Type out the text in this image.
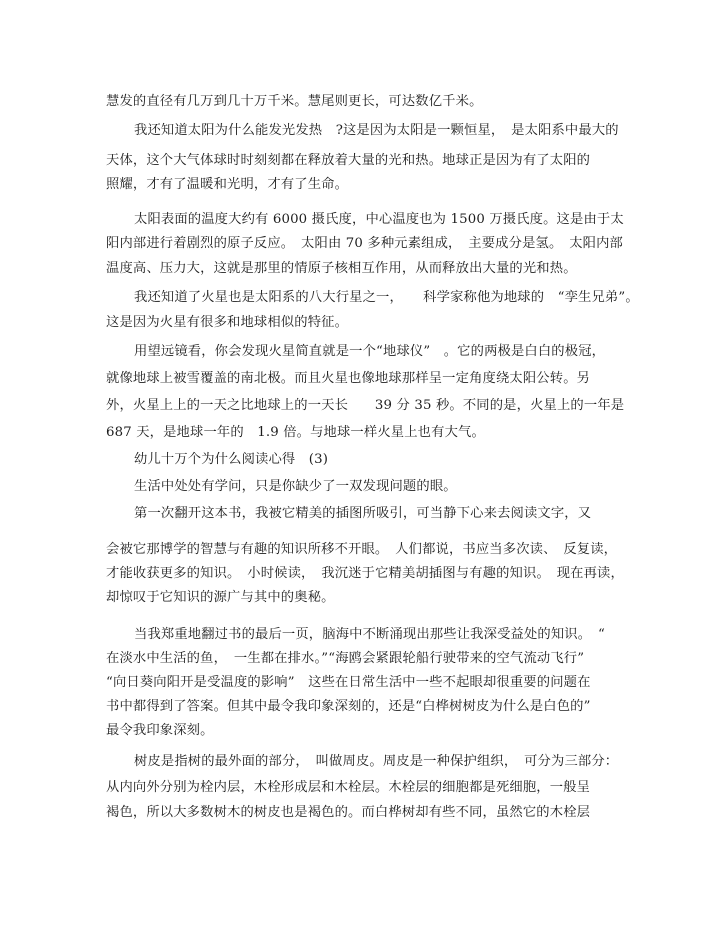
慧发的直径有几万到几十万千米。慧尾则更长，可达数亿千米。
我还知道太阳为什么能发光发热　?这是因为太阳是一颗恒星，　是太阳系中最大的
天体，这个大气体球时时刻刻都在释放着大量的光和热。地球正是因为有了太阳的
照耀，才有了温暖和光明，才有了生命。
太阳表面的温度大约有 6000 摄氏度，中心温度也为 1500 万摄氏度。这是由于太
阳内部进行着剧烈的原子反应。　太阳由 70 多种元素组成，　主要成分是氢。　太阳内部
温度高、压力大，这就是那里的情原子核相互作用，从而释放出大量的光和热。
我还知道了火星也是太阳系的八大行星之一，　　科学家称他为地球的　“孪生兄弟”。
这是因为火星有很多和地球相似的特征。
用望远镜看，你会发现火星简直就是一个“地球仪”　。它的两极是白白的极冠，
就像地球上被雪覆盖的南北极。而且火星也像地球那样呈一定角度绕太阳公转。另
外，火星上上的一天之比地球上的一天长　　39 分 35 秒。不同的是，火星上的一年是
687 天，是地球一年的　1.9 倍。与地球一样火星上也有大气。
幼儿十万个为什么阅读心得　(3)
生活中处处有学问，只是你缺少了一双发现问题的眼。
第一次翻开这本书，我被它精美的插图所吸引，可当静下心来去阅读文字，又
会被它那博学的智慧与有趣的知识所移不开眼。　人们都说，书应当多次读、　反复读，
才能收获更多的知识。　小时候读，　我沉迷于它精美胡插图与有趣的知识。　现在再读，
却惊叹于它知识的源广与其中的奥秘。
当我郑重地翻过书的最后一页，脑海中不断涌现出那些让我深受益处的知识。　“
在淡水中生活的鱼，　一生都在排水。”“海鸥会紧跟轮船行驶带来的空气流动飞行”
“向日葵向阳开是受温度的影响”　这些在日常生活中一些不起眼却很重要的问题在
书中都得到了答案。但其中最令我印象深刻的，还是“白桦树树皮为什么是白色的”
最令我印象深刻。
树皮是指树的最外面的部分，　叫做周皮。周皮是一种保护组织，　可分为三部分：
从内向外分别为栓内层，木栓形成层和木栓层。木栓层的细胞都是死细胞，一般呈
褐色，所以大多数树木的树皮也是褐色的。而白桦树却有些不同，虽然它的木栓层
